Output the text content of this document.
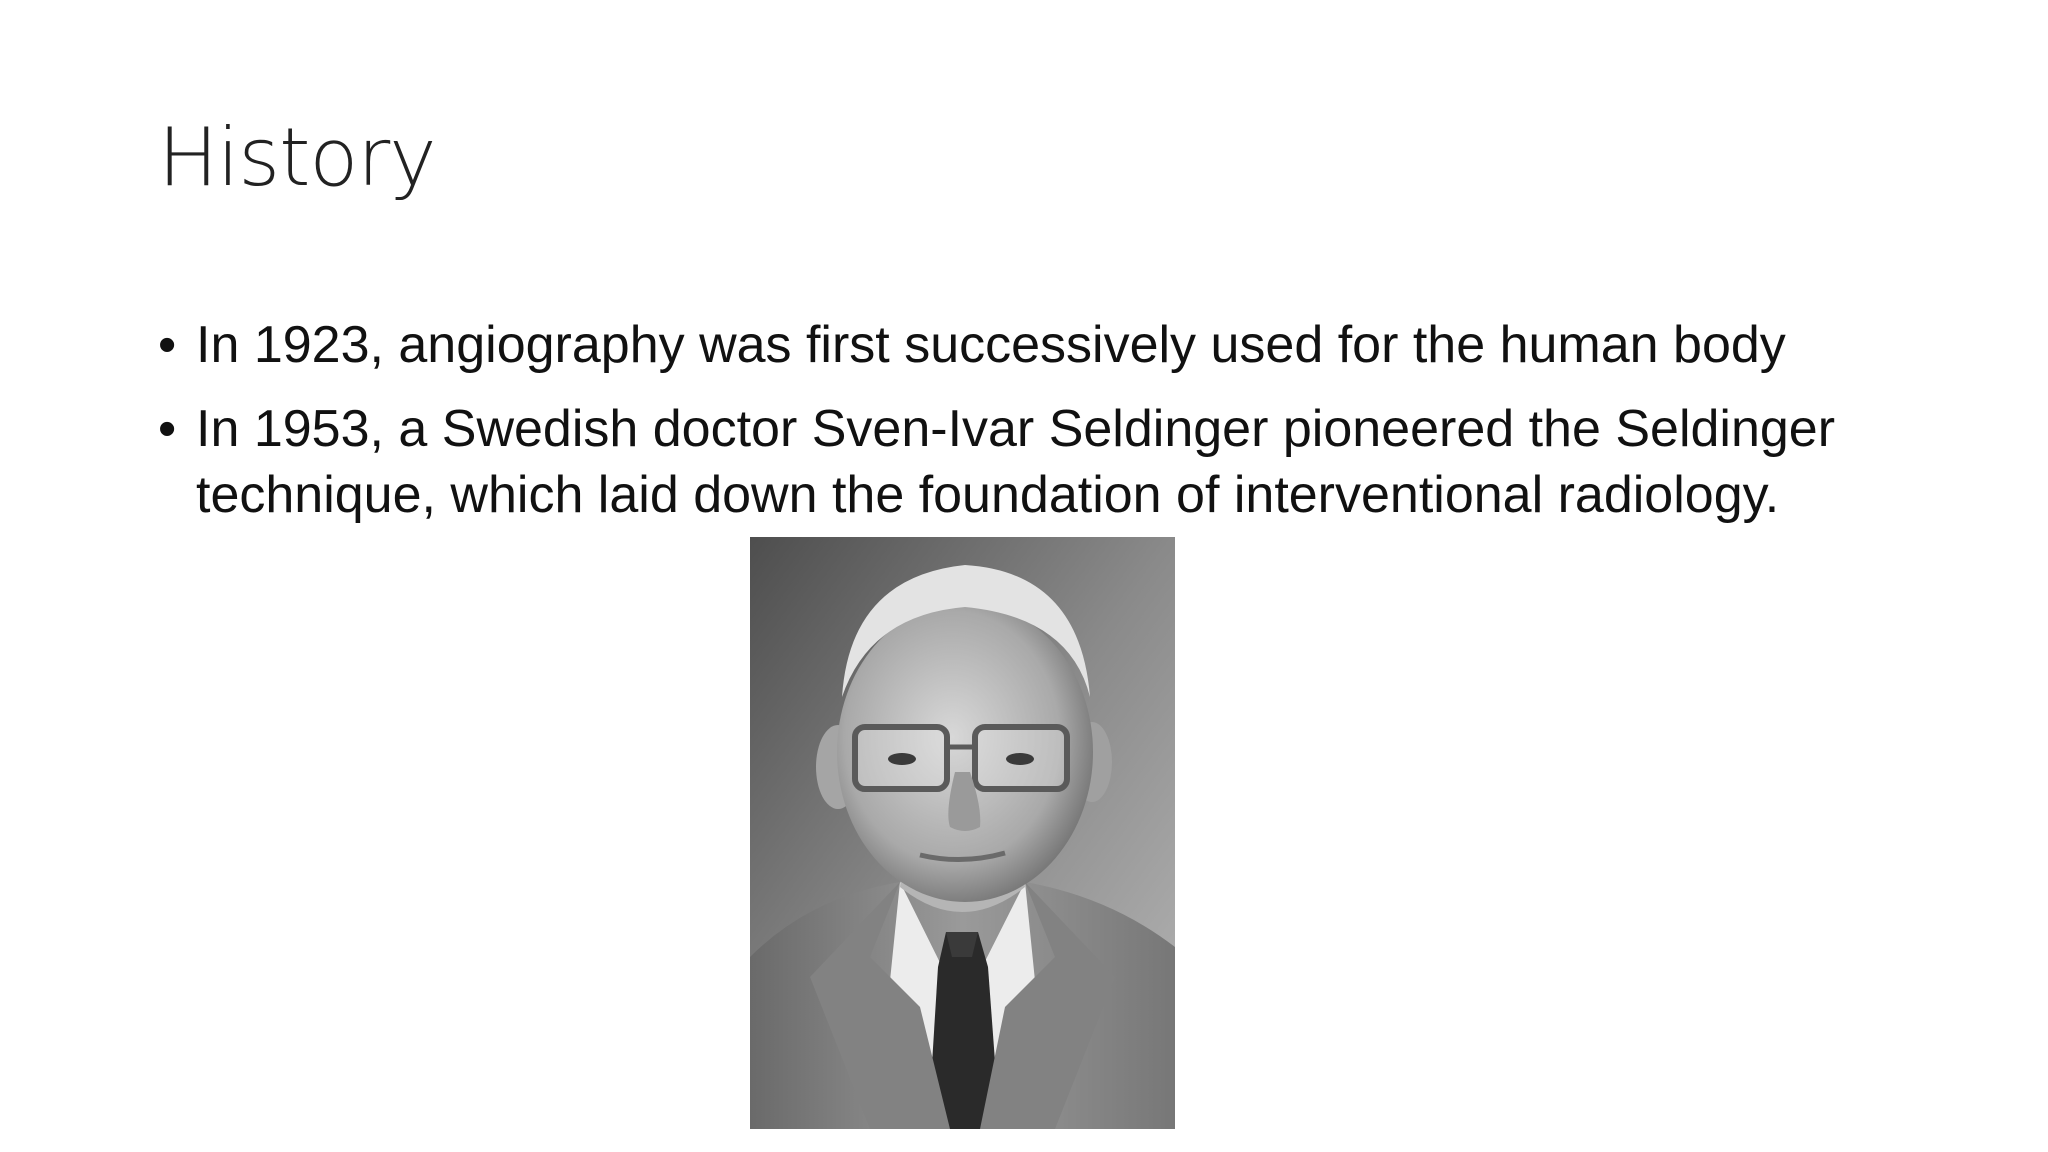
History
• In 1923, angiography was first successively used for the human body
• In 1953, a Swedish doctor Sven-Ivar Seldinger pioneered the Seldinger technique, which laid down the foundation of interventional radiology.
